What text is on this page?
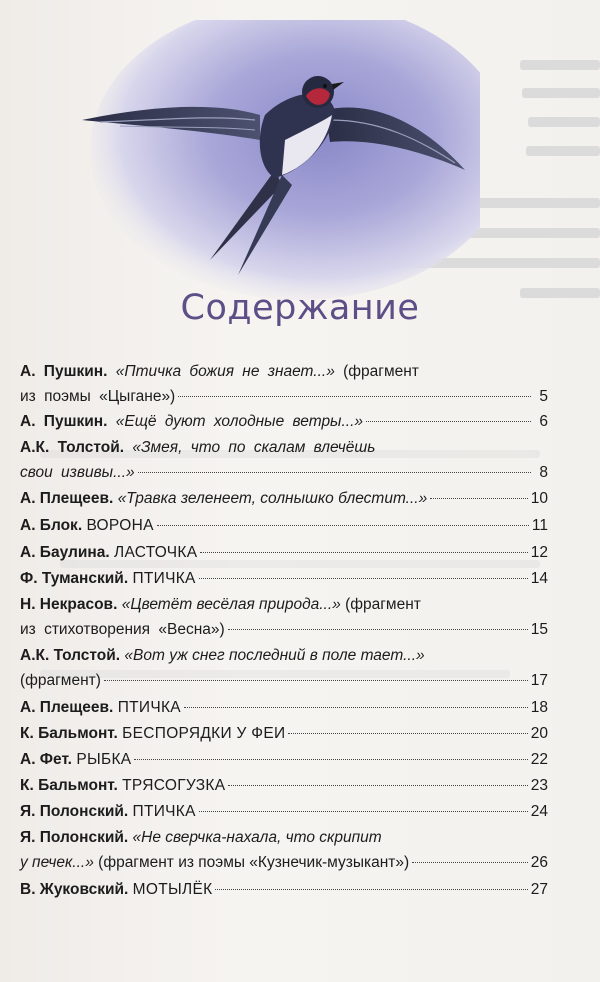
Содержание
А. Пушкин. «Птичка божия не знает...»
(фрагмент
из поэмы «Цыгане»)	5
А. Пушкин. «Ещё дуют холодные ветры...»	6
А.К. Толстой. «Змея, что по скалам влечёшь
свои извивы...»	8
А. Плещеев. «Травка зеленеет, солнышко блестит...»	10
А. Блок. ВОРОНА	11
А. Баулина. ЛАСТОЧКА	12
Ф. Туманский. ПТИЧКА	14
Н. Некрасов. «Цветёт весёлая природа...»
(фрагмент
из стихотворения «Весна»)	15
А.К. Толстой. «Вот уж снег последний в поле тает...»
(фрагмент)	17
А. Плещеев. ПТИЧКА	18
К. Бальмонт. БЕСПОРЯДКИ У ФЕИ	20
А. Фет. РЫБКА	22
К. Бальмонт. ТРЯСОГУЗКА	23
Я. Полонский. ПТИЧКА	24
Я. Полонский. «Не сверчка-нахала, что скрипит
у печек...»
(фрагмент из поэмы «Кузнечик-музыкант»)	26
В. Жуковский. МОТЫЛЁК	27
